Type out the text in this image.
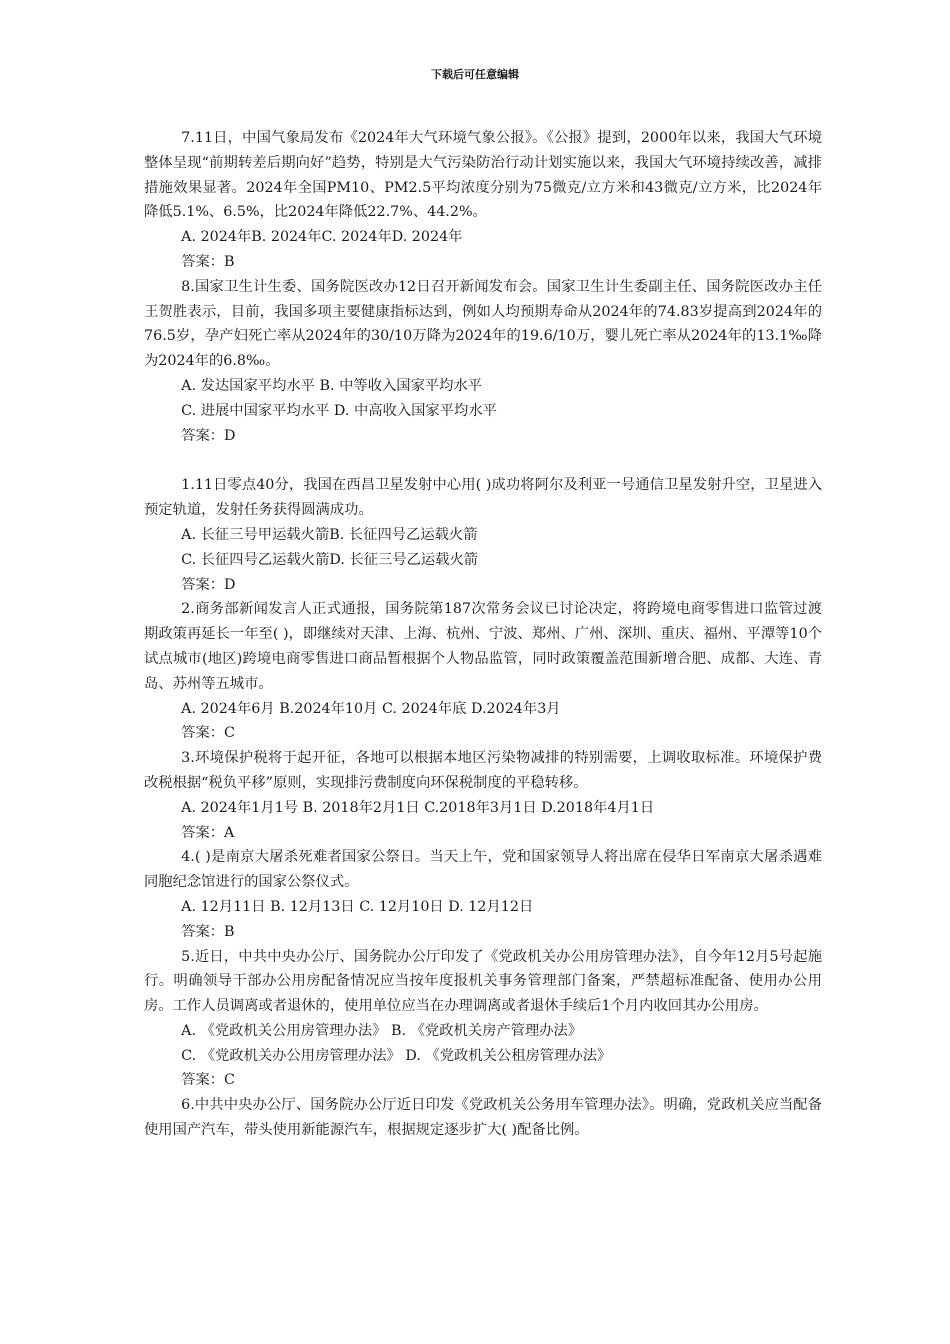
下载后可任意编辑
7.11日，中国气象局发布《2024年大气环境气象公报》。《公报》提到，2000年以来，我国大气环境整体呈现“前期转差后期向好”趋势，特别是大气污染防治行动计划实施以来，我国大气环境持续改善，减排措施效果显著。2024年全国PM10、PM2.5平均浓度分别为75微克/立方米和43微克/立方米，比2024年降低5.1%、6.5%，比2024年降低22.7%、44.2%。
A. 2024年B. 2024年C. 2024年D. 2024年
答案：B
8.国家卫生计生委、国务院医改办12日召开新闻发布会。国家卫生计生委副主任、国务院医改办主任王贺胜表示，目前，我国多项主要健康指标达到，例如人均预期寿命从2024年的74.83岁提高到2024年的76.5岁，孕产妇死亡率从2024年的30/10万降为2024年的19.6/10万，婴儿死亡率从2024年的13.1‰降为2024年的6.8‰。
A. 发达国家平均水平 B. 中等收入国家平均水平
C. 进展中国家平均水平 D. 中高收入国家平均水平
答案：D
1.11日零点40分，我国在西昌卫星发射中心用( )成功将阿尔及利亚一号通信卫星发射升空，卫星进入预定轨道，发射任务获得圆满成功。
A. 长征三号甲运载火箭B. 长征四号乙运载火箭
C. 长征四号乙运载火箭D. 长征三号乙运载火箭
答案：D
2.商务部新闻发言人正式通报，国务院第187次常务会议已讨论决定，将跨境电商零售进口监管过渡期政策再延长一年至( )，即继续对天津、上海、杭州、宁波、郑州、广州、深圳、重庆、福州、平潭等10个试点城市(地区)跨境电商零售进口商品暂根据个人物品监管，同时政策覆盖范围新增合肥、成都、大连、青岛、苏州等五城市。
A. 2024年6月 B.2024年10月 C. 2024年底 D.2024年3月
答案：C
3.环境保护税将于起开征，各地可以根据本地区污染物减排的特别需要，上调收取标准。环境保护费改税根据“税负平移”原则，实现排污费制度向环保税制度的平稳转移。
A. 2024年1月1号 B. 2018年2月1日 C.2018年3月1日 D.2018年4月1日
答案：A
4.( )是南京大屠杀死难者国家公祭日。当天上午，党和国家领导人将出席在侵华日军南京大屠杀遇难同胞纪念馆进行的国家公祭仪式。
A. 12月11日 B. 12月13日 C. 12月10日 D. 12月12日
答案：B
5.近日，中共中央办公厅、国务院办公厅印发了《党政机关办公用房管理办法》，自今年12月5号起施行。明确领导干部办公用房配备情况应当按年度报机关事务管理部门备案，严禁超标准配备、使用办公用房。工作人员调离或者退休的，使用单位应当在办理调离或者退休手续后1个月内收回其办公用房。
A. 《党政机关公用房管理办法》 B. 《党政机关房产管理办法》
C. 《党政机关办公用房管理办法》 D. 《党政机关公租房管理办法》
答案：C
6.中共中央办公厅、国务院办公厅近日印发《党政机关公务用车管理办法》。明确，党政机关应当配备使用国产汽车，带头使用新能源汽车，根据规定逐步扩大( )配备比例。
